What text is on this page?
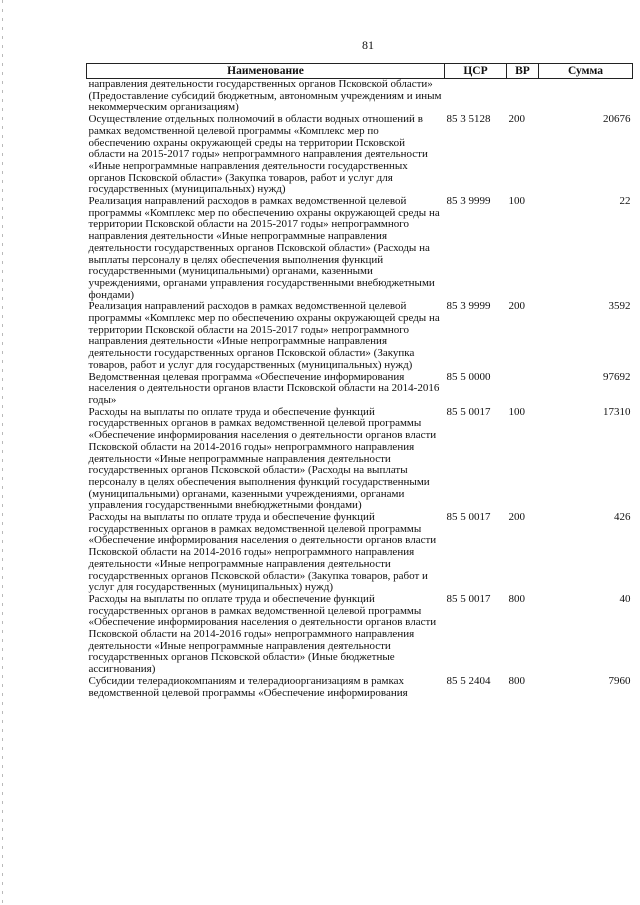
81
Наименование	ЦСР	ВР	Сумма
направления деятельности государственных органов Псковской области» (Предоставление субсидий бюджетным, автономным учреждениям и иным некоммерческим организациям)			
Осуществление отдельных полномочий в области водных отношений в рамках ведомственной целевой программы «Комплекс мер по обеспечению охраны окружающей среды на территории Псковской области на 2015-2017 годы» непрограммного направления деятельности «Иные непрограммные направления деятельности государственных органов Псковской области» (Закупка товаров, работ и услуг для государственных (муниципальных) нужд)	85 3 5128	200	20676
Реализация направлений расходов в рамках ведомственной целевой программы «Комплекс мер по обеспечению охраны окружающей среды на территории Псковской области на 2015-2017 годы» непрограммного направления деятельности «Иные непрограммные направления деятельности государственных органов Псковской области» (Расходы на выплаты персоналу в целях обеспечения выполнения функций государственными (муниципальными) органами, казенными учреждениями, органами управления государственными внебюджетными фондами)	85 3 9999	100	22
Реализация направлений расходов в рамках ведомственной целевой программы «Комплекс мер по обеспечению охраны окружающей среды на территории Псковской области на 2015-2017 годы» непрограммного направления деятельности «Иные непрограммные направления деятельности государственных органов Псковской области» (Закупка товаров, работ и услуг для государственных (муниципальных) нужд)	85 3 9999	200	3592
Ведомственная целевая программа «Обеспечение информирования населения о деятельности органов власти Псковской области на 2014-2016 годы»	85 5 0000		97692
Расходы на выплаты по оплате труда и обеспечение функций государственных органов в рамках ведомственной целевой программы «Обеспечение информирования населения о деятельности органов власти Псковской области на 2014-2016 годы» непрограммного направления деятельности «Иные непрограммные направления деятельности государственных органов Псковской области» (Расходы на выплаты персоналу в целях обеспечения выполнения функций государственными (муниципальными) органами, казенными учреждениями, органами управления государственными внебюджетными фондами)	85 5 0017	100	17310
Расходы на выплаты по оплате труда и обеспечение функций государственных органов в рамках ведомственной целевой программы «Обеспечение информирования населения о деятельности органов власти Псковской области на 2014-2016 годы» непрограммного направления деятельности «Иные непрограммные направления деятельности государственных органов Псковской области» (Закупка товаров, работ и услуг для государственных (муниципальных) нужд)	85 5 0017	200	426
Расходы на выплаты по оплате труда и обеспечение функций государственных органов в рамках ведомственной целевой программы «Обеспечение информирования населения о деятельности органов власти Псковской области на 2014-2016 годы» непрограммного направления деятельности «Иные непрограммные направления деятельности государственных органов Псковской области» (Иные бюджетные ассигнования)	85 5 0017	800	40
Субсидии телерадиокомпаниям и телерадиоорганизациям в рамках ведомственной целевой программы «Обеспечение информирования	85 5 2404	800	7960
